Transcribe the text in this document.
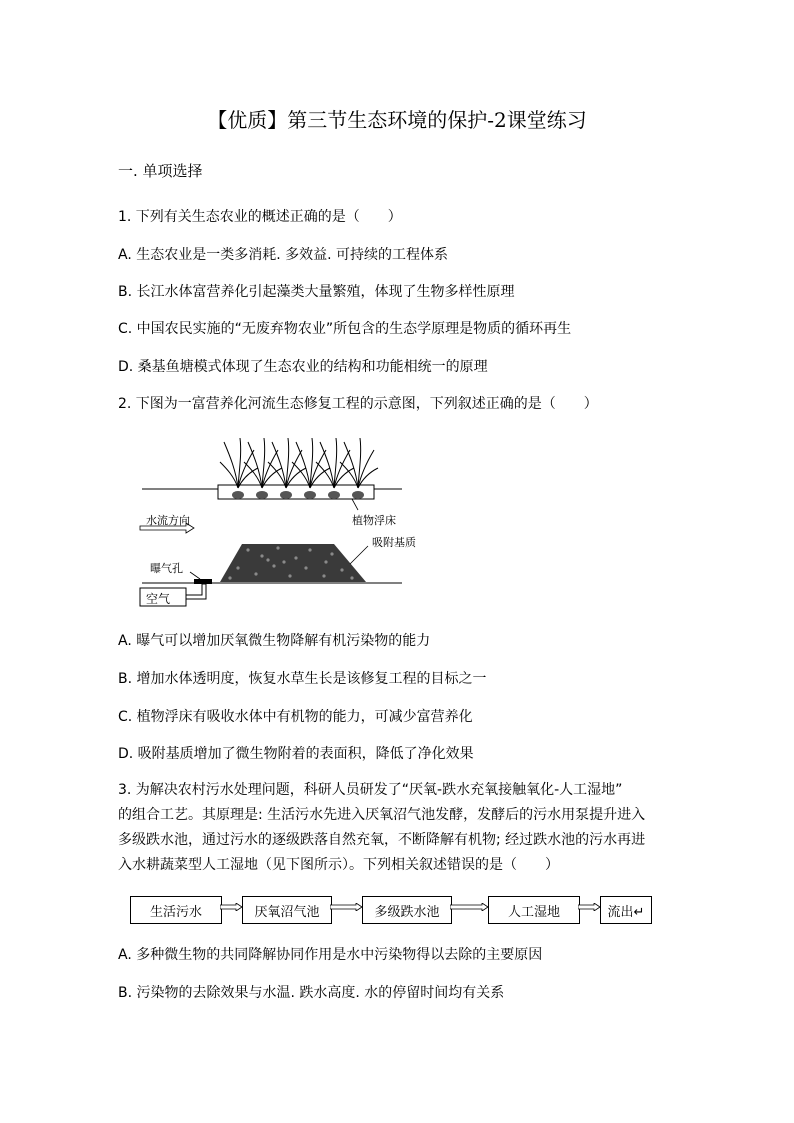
【优质】第三节生态环境的保护-2课堂练习
一. 单项选择
1. 下列有关生态农业的概述正确的是（　　）
A. 生态农业是一类多消耗. 多效益. 可持续的工程体系
B. 长江水体富营养化引起藻类大量繁殖，体现了生物多样性原理
C. 中国农民实施的“无废弃物农业”所包含的生态学原理是物质的循环再生
D. 桑基鱼塘模式体现了生态农业的结构和功能相统一的原理
2. 下图为一富营养化河流生态修复工程的示意图，下列叙述正确的是（　　）
植物浮床
水流方向
吸附基质
曝气孔
空气
A. 曝气可以增加厌氧微生物降解有机污染物的能力
B. 增加水体透明度，恢复水草生长是该修复工程的目标之一
C. 植物浮床有吸收水体中有机物的能力，可减少富营养化
D. 吸附基质增加了微生物附着的表面积，降低了净化效果
3. 为解决农村污水处理问题，科研人员研发了“厌氧-跌水充氧接触氧化-人工湿地”
的组合工艺。其原理是: 生活污水先进入厌氧沼气池发酵，发酵后的污水用泵提升进入
多级跌水池，通过污水的逐级跌落自然充氧，不断降解有机物; 经过跌水池的污水再进
入水耕蔬菜型人工湿地（见下图所示）。下列相关叙述错误的是（　　）
生活污水	厌氧沼气池	多级跌水池	人工湿地	流出↵
A. 多种微生物的共同降解协同作用是水中污染物得以去除的主要原因
B. 污染物的去除效果与水温. 跌水高度. 水的停留时间均有关系
